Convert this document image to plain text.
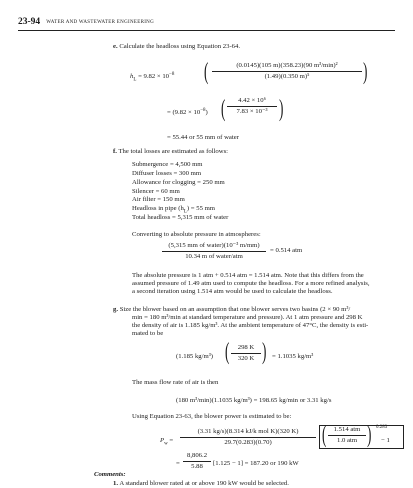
23-94 WATER AND WASTEWATER ENGINEERING
e. Calculate the headloss using Equation 23-64.
$h_L = 9.82 \times 10^{-8}$ (	(0.0145)(105 m)(358.23)(90 m³/min)²
(1.49)(0.350 m)⁵	)
= $(9.82 \times 10^{-8})$ ( $\frac{\text{4.42 × 10⁶}}{\text{7.83 × 10⁻³}}$ )
= 55.44 or 55 mm of water
f. The total losses are estimated as follows:
Submergence = 4,500 mm
Diffuser losses = 300 mm
Allowance for clogging = 250 mm
Silencer = 60 mm
Air filter = 150 mm
Headloss in pipe $(h_L) = 55$ mm
Total headloss = 5,315 mm of water
Converting to absolute pressure in atmospheres:
(5,315 mm of water)(10⁻³ m/mm)
10.34 m of water/atm
= 0.514 atm
The absolute pressure is 1 atm + 0.514 atm = 1.514 atm. Note that this differs from the
assumed pressure of 1.49 atm used to compute the headloss. For a more refined analysis,
a second iteration using 1.514 atm would be used to calculate the headloss.
g. Size the blower based on an assumption that one blower serves two basins (2 × 90 m³/
min = 180 m³/min at standard temperature and pressure). At 1 atm pressure and 298 K
the density of air is 1.185 kg/m³. At the ambient temperature of 47°C, the density is esti-
mated to be
(1.185 kg/m³) ( $\frac{298 K}{320 K}$ ) = 1.1035 kg/m³
The mass flow rate of air is then
(180 m³/min)(1.1035 kg/m³) = 198.65 kg/min or 3.31 kg/s
Using Equation 23-63, the blower power is estimated to be:
$P_w$ =
(3.31 kg/s)(8.314 kJ/k mol K)(320 K)
29.7(0.283)(0.70)	(	1.514 atm
1.0 atm ) 0.283
− 1
= $\frac{8,806.2}{5.88} [1.125 - 1] = 187.20$ or 190 kW
Comments:
1. A standard blower rated at or above 190 kW would be selected.
